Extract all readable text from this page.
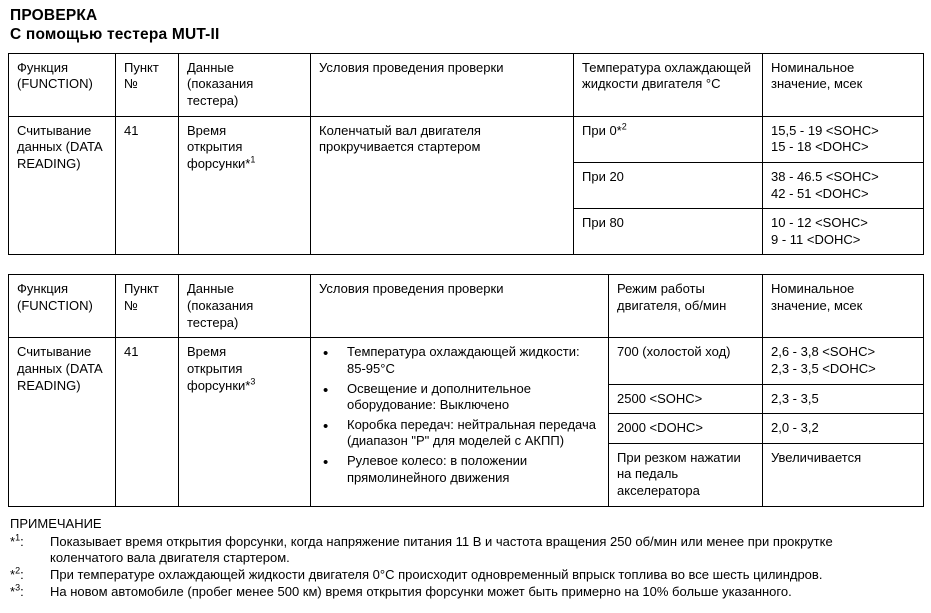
ПРОВЕРКА
С помощью тестера MUT-II
Функция (FUNCTION)	Пункт №	Данные (показания тестера)	Условия проведения проверки	Температура охлаждающей жидкости двигателя °С	Номинальное значение, мсек
Считывание данных (DATA READING)	41	Время открытия форсунки*$^1$	Коленчатый вал двигателя прокручивается стартером	При 0*$^2$	15,5 - 19 <SOHC>
15 - 18 <DOHC>

				При 20	38 - 46.5 <SOHC>
42 - 51 <DOHC>

				При 80	10 - 12 <SOHC>
9 - 11 <DOHC>
Функция (FUNCTION)	Пункт №	Данные (показания тестера)	Условия проведения проверки	Режим работы двигателя, об/мин	Номинальное значение, мсек
Считывание данных (DATA READING)	41	Время открытия форсунки*$^3$

•
Температура охлаждающей жидкости: 85-95°С
•
Освещение и дополнительное оборудование: Выключено
•
Коробка передач: нейтральная передача (диапазон "P" для моделей с АКПП)
•
Рулевое колесо: в положении прямолинейного движения
	700 (холостой ход)	2,6 - 3,8 <SOHC>
2,3 - 3,5 <DOHC>

				2500 <SOHC>	2,3 - 3,5

				2000 <DOHC>	2,0 - 3,2

				При резком нажатии на педаль акселератора	Увеличивается
ПРИМЕЧАНИЕ
*$^1$:	Показывает время открытия форсунки, когда напряжение питания 11 В и частота вращения 250 об/мин или менее при прокрутке коленчатого вала двигателя стартером.
*$^2$:	При температуре охлаждающей жидкости двигателя 0°С происходит одновременный впрыск топлива во все шесть цилиндров.
*$^3$:	На новом автомобиле (пробег менее 500 км) время открытия форсунки может быть примерно на 10% больше указанного.
